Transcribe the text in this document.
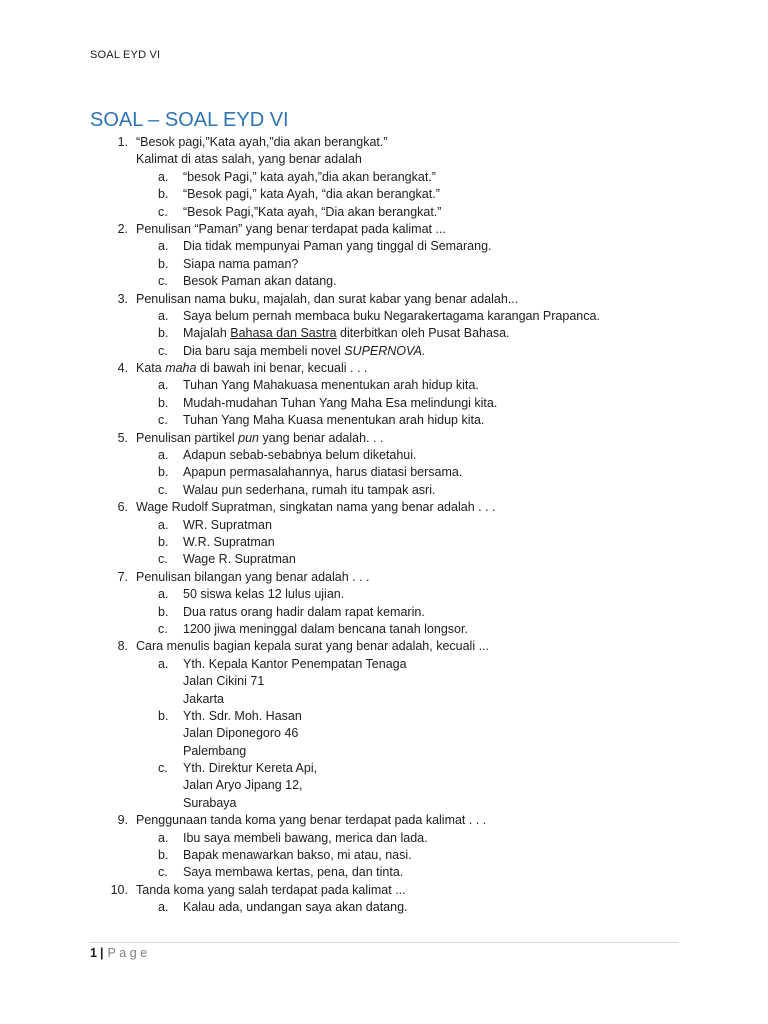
SOAL EYD VI
SOAL – SOAL EYD VI
1. “Besok pagi,”Kata ayah,”dia akan berangkat.”
Kalimat di atas salah, yang benar adalah
a. “besok Pagi,” kata ayah,”dia akan berangkat.”
b. “Besok pagi,” kata Ayah, “dia akan berangkat.”
c. “Besok Pagi,”Kata ayah, “Dia akan berangkat.”
2. Penulisan “Paman” yang benar terdapat pada kalimat ...
a. Dia tidak mempunyai Paman yang tinggal di Semarang.
b. Siapa nama paman?
c. Besok Paman akan datang.
3. Penulisan nama buku, majalah, dan surat kabar yang benar adalah...
a. Saya belum pernah membaca buku Negarakertagama karangan Prapanca.
b. Majalah Bahasa dan Sastra diterbitkan oleh Pusat Bahasa.
c. Dia baru saja membeli novel SUPERNOVA.
4. Kata maha di bawah ini benar, kecuali . . .
a. Tuhan Yang Mahakuasa menentukan arah hidup kita.
b. Mudah-mudahan Tuhan Yang Maha Esa melindungi kita.
c. Tuhan Yang Maha Kuasa menentukan arah hidup kita.
5. Penulisan partikel pun yang benar adalah. . .
a. Adapun sebab-sebabnya belum diketahui.
b. Apapun permasalahannya, harus diatasi bersama.
c. Walau pun sederhana, rumah itu tampak asri.
6. Wage Rudolf Supratman, singkatan nama yang benar adalah . . .
a. WR. Supratman
b. W.R. Supratman
c. Wage R. Supratman
7. Penulisan bilangan yang benar adalah . . .
a. 50 siswa kelas 12 lulus ujian.
b. Dua ratus orang hadir dalam rapat kemarin.
c. 1200 jiwa meninggal dalam bencana tanah longsor.
8. Cara menulis bagian kepala surat yang benar adalah, kecuali ...
a. Yth. Kepala Kantor Penempatan Tenaga
Jalan Cikini 71
Jakarta
b. Yth. Sdr. Moh. Hasan
Jalan Diponegoro 46
Palembang
c. Yth. Direktur Kereta Api,
Jalan Aryo Jipang 12,
Surabaya
9. Penggunaan tanda koma yang benar terdapat pada kalimat . . .
a. Ibu saya membeli bawang, merica dan lada.
b. Bapak menawarkan bakso, mi atau, nasi.
c. Saya membawa kertas, pena, dan tinta.
10. Tanda koma yang salah terdapat pada kalimat ...
a. Kalau ada, undangan saya akan datang.
1 | Page
